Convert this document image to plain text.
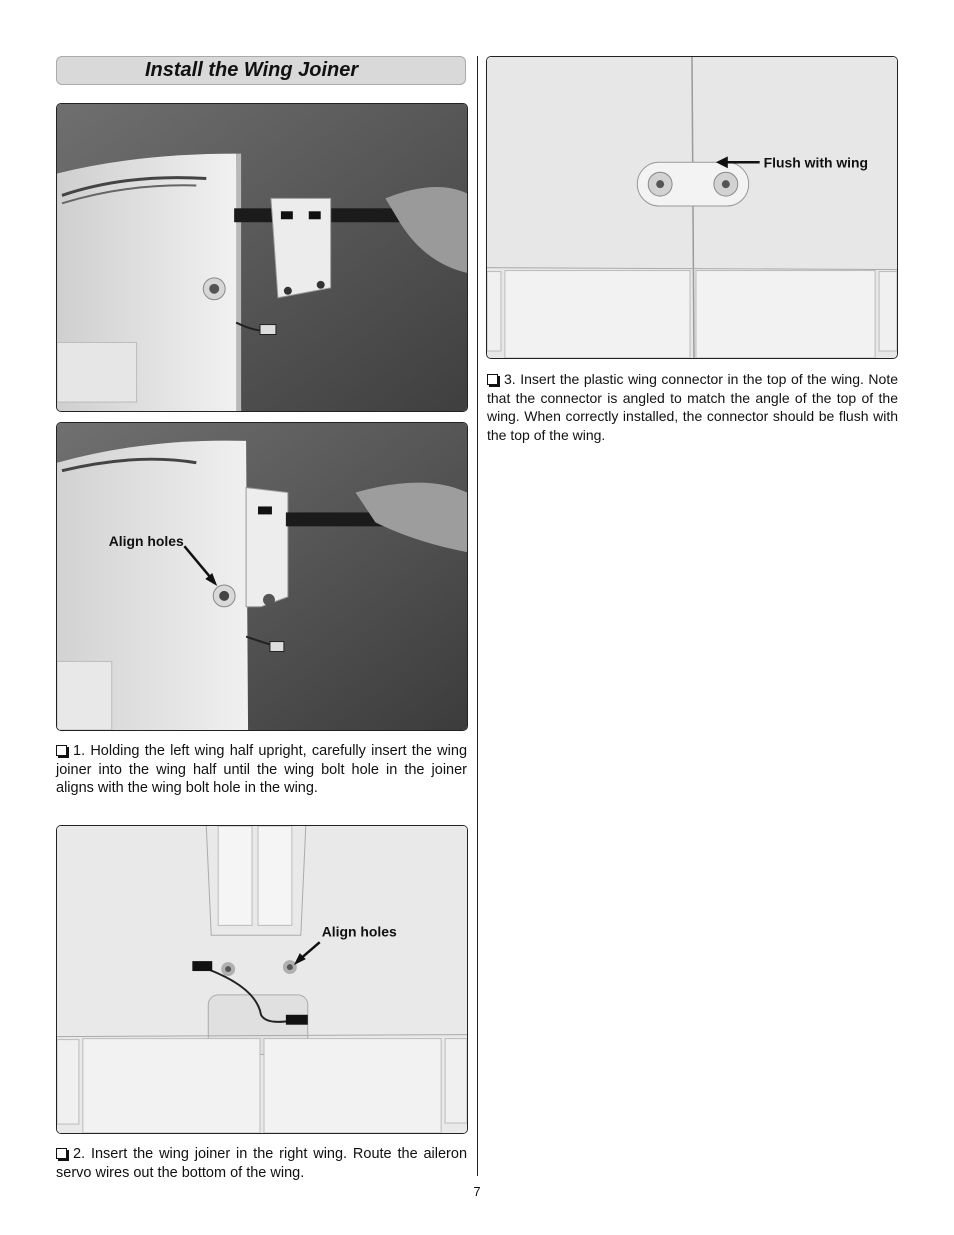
Install the Wing Joiner
Align holes
1. Holding the left wing half upright, carefully insert the wing joiner into the wing half until the wing bolt hole in the joiner aligns with the wing bolt hole in the wing.
Align holes
2. Insert the wing joiner in the right wing. Route the aileron servo wires out the bottom of the wing.
Flush with wing
3. Insert the plastic wing connector in the top of the wing. Note that the connector is angled to match the angle of the top of the wing. When correctly installed, the connector should be flush with the top of the wing.
7
